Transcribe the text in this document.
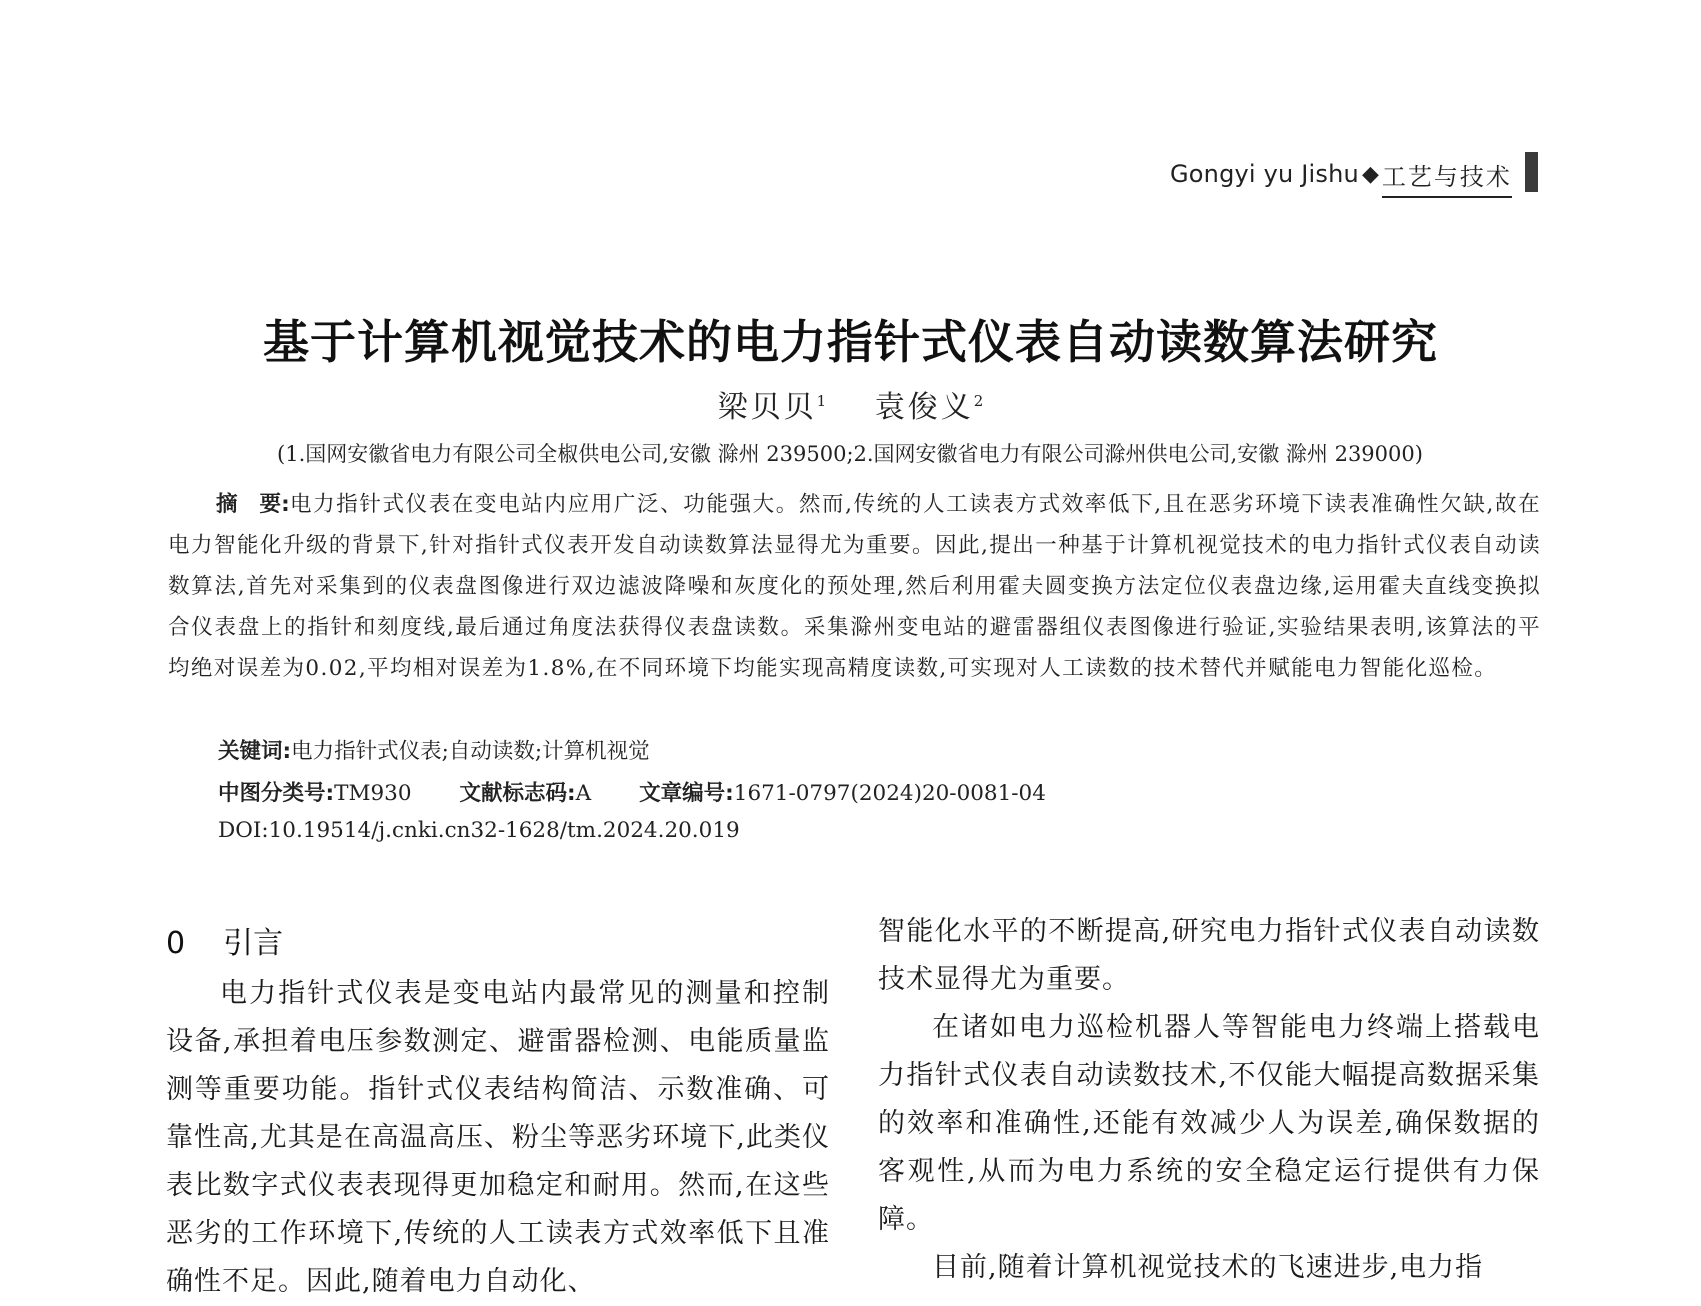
Gongyi yu Jishu ◆ 工艺与技术
基于计算机视觉技术的电力指针式仪表自动读数算法研究
梁贝贝$^1$ 袁俊义$^2$
(1.国网安徽省电力有限公司全椒供电公司,安徽 滁州 239500;2.国网安徽省电力有限公司滁州供电公司,安徽 滁州 239000)
摘　要:电力指针式仪表在变电站内应用广泛、功能强大。然而,传统的人工读表方式效率低下,且在恶劣环境下读表准确性欠缺,故在电力智能化升级的背景下,针对指针式仪表开发自动读数算法显得尤为重要。因此,提出一种基于计算机视觉技术的电力指针式仪表自动读数算法,首先对采集到的仪表盘图像进行双边滤波降噪和灰度化的预处理,然后利用霍夫圆变换方法定位仪表盘边缘,运用霍夫直线变换拟合仪表盘上的指针和刻度线,最后通过角度法获得仪表盘读数。采集滁州变电站的避雷器组仪表图像进行验证,实验结果表明,该算法的平均绝对误差为0.02,平均相对误差为1.8%,在不同环境下均能实现高精度读数,可实现对人工读数的技术替代并赋能电力智能化巡检。
关键词:电力指针式仪表;自动读数;计算机视觉
中图分类号:TM930 文献标志码:A 文章编号:1671-0797(2024)20-0081-04
DOI:10.19514/j.cnki.cn32-1628/tm.2024.20.019
0 引言

电力指针式仪表是变电站内最常见的测量和控制设备,承担着电压参数测定、避雷器检测、电能质量监测等重要功能。指针式仪表结构简洁、示数准确、可靠性高,尤其是在高温高压、粉尘等恶劣环境下,此类仪表比数字式仪表表现得更加稳定和耐用。然而,在这些恶劣的工作环境下,传统的人工读表方式效率低下且准确性不足。因此,随着电力自动化、

智能化水平的不断提高,研究电力指针式仪表自动读数技术显得尤为重要。

在诸如电力巡检机器人等智能电力终端上搭载电力指针式仪表自动读数技术,不仅能大幅提高数据采集的效率和准确性,还能有效减少人为误差,确保数据的客观性,从而为电力系统的安全稳定运行提供有力保障。

目前,随着计算机视觉技术的飞速进步,电力指
